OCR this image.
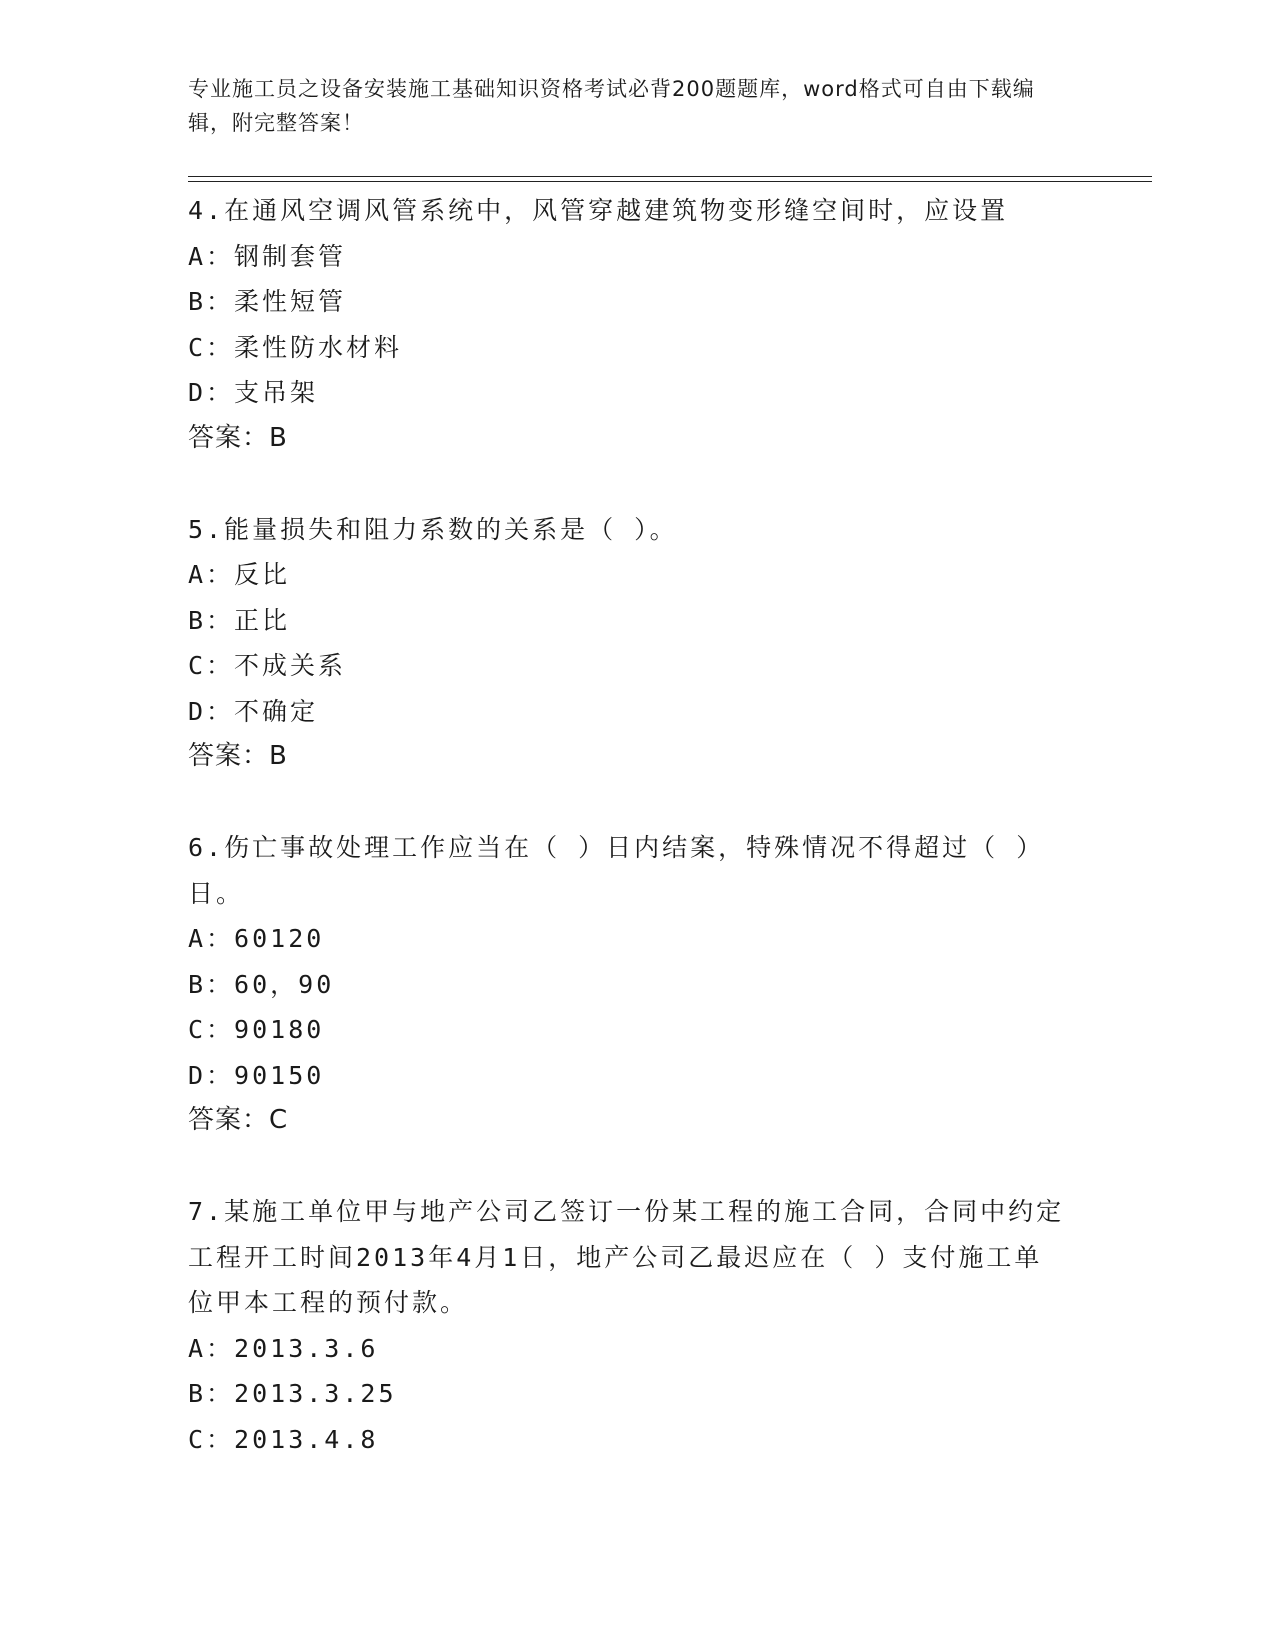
专业施工员之设备安装施工基础知识资格考试必背200题题库，word格式可自由下载编辑，附完整答案！
4.在通风空调风管系统中，风管穿越建筑物变形缝空间时，应设置
A：钢制套管
B：柔性短管
C：柔性防水材料
D：支吊架
答案：B
5.能量损失和阻力系数的关系是（ ）。
A：反比
B：正比
C：不成关系
D：不确定
答案：B
6.伤亡事故处理工作应当在（ ）日内结案，特殊情况不得超过（ ）日。
A：60120
B：60，90
C：90180
D：90150
答案：C
7.某施工单位甲与地产公司乙签订一份某工程的施工合同，合同中约定工程开工时间2013年4月1日，地产公司乙最迟应在（ ）支付施工单位甲本工程的预付款。
A：2013.3.6
B：2013.3.25
C：2013.4.8
